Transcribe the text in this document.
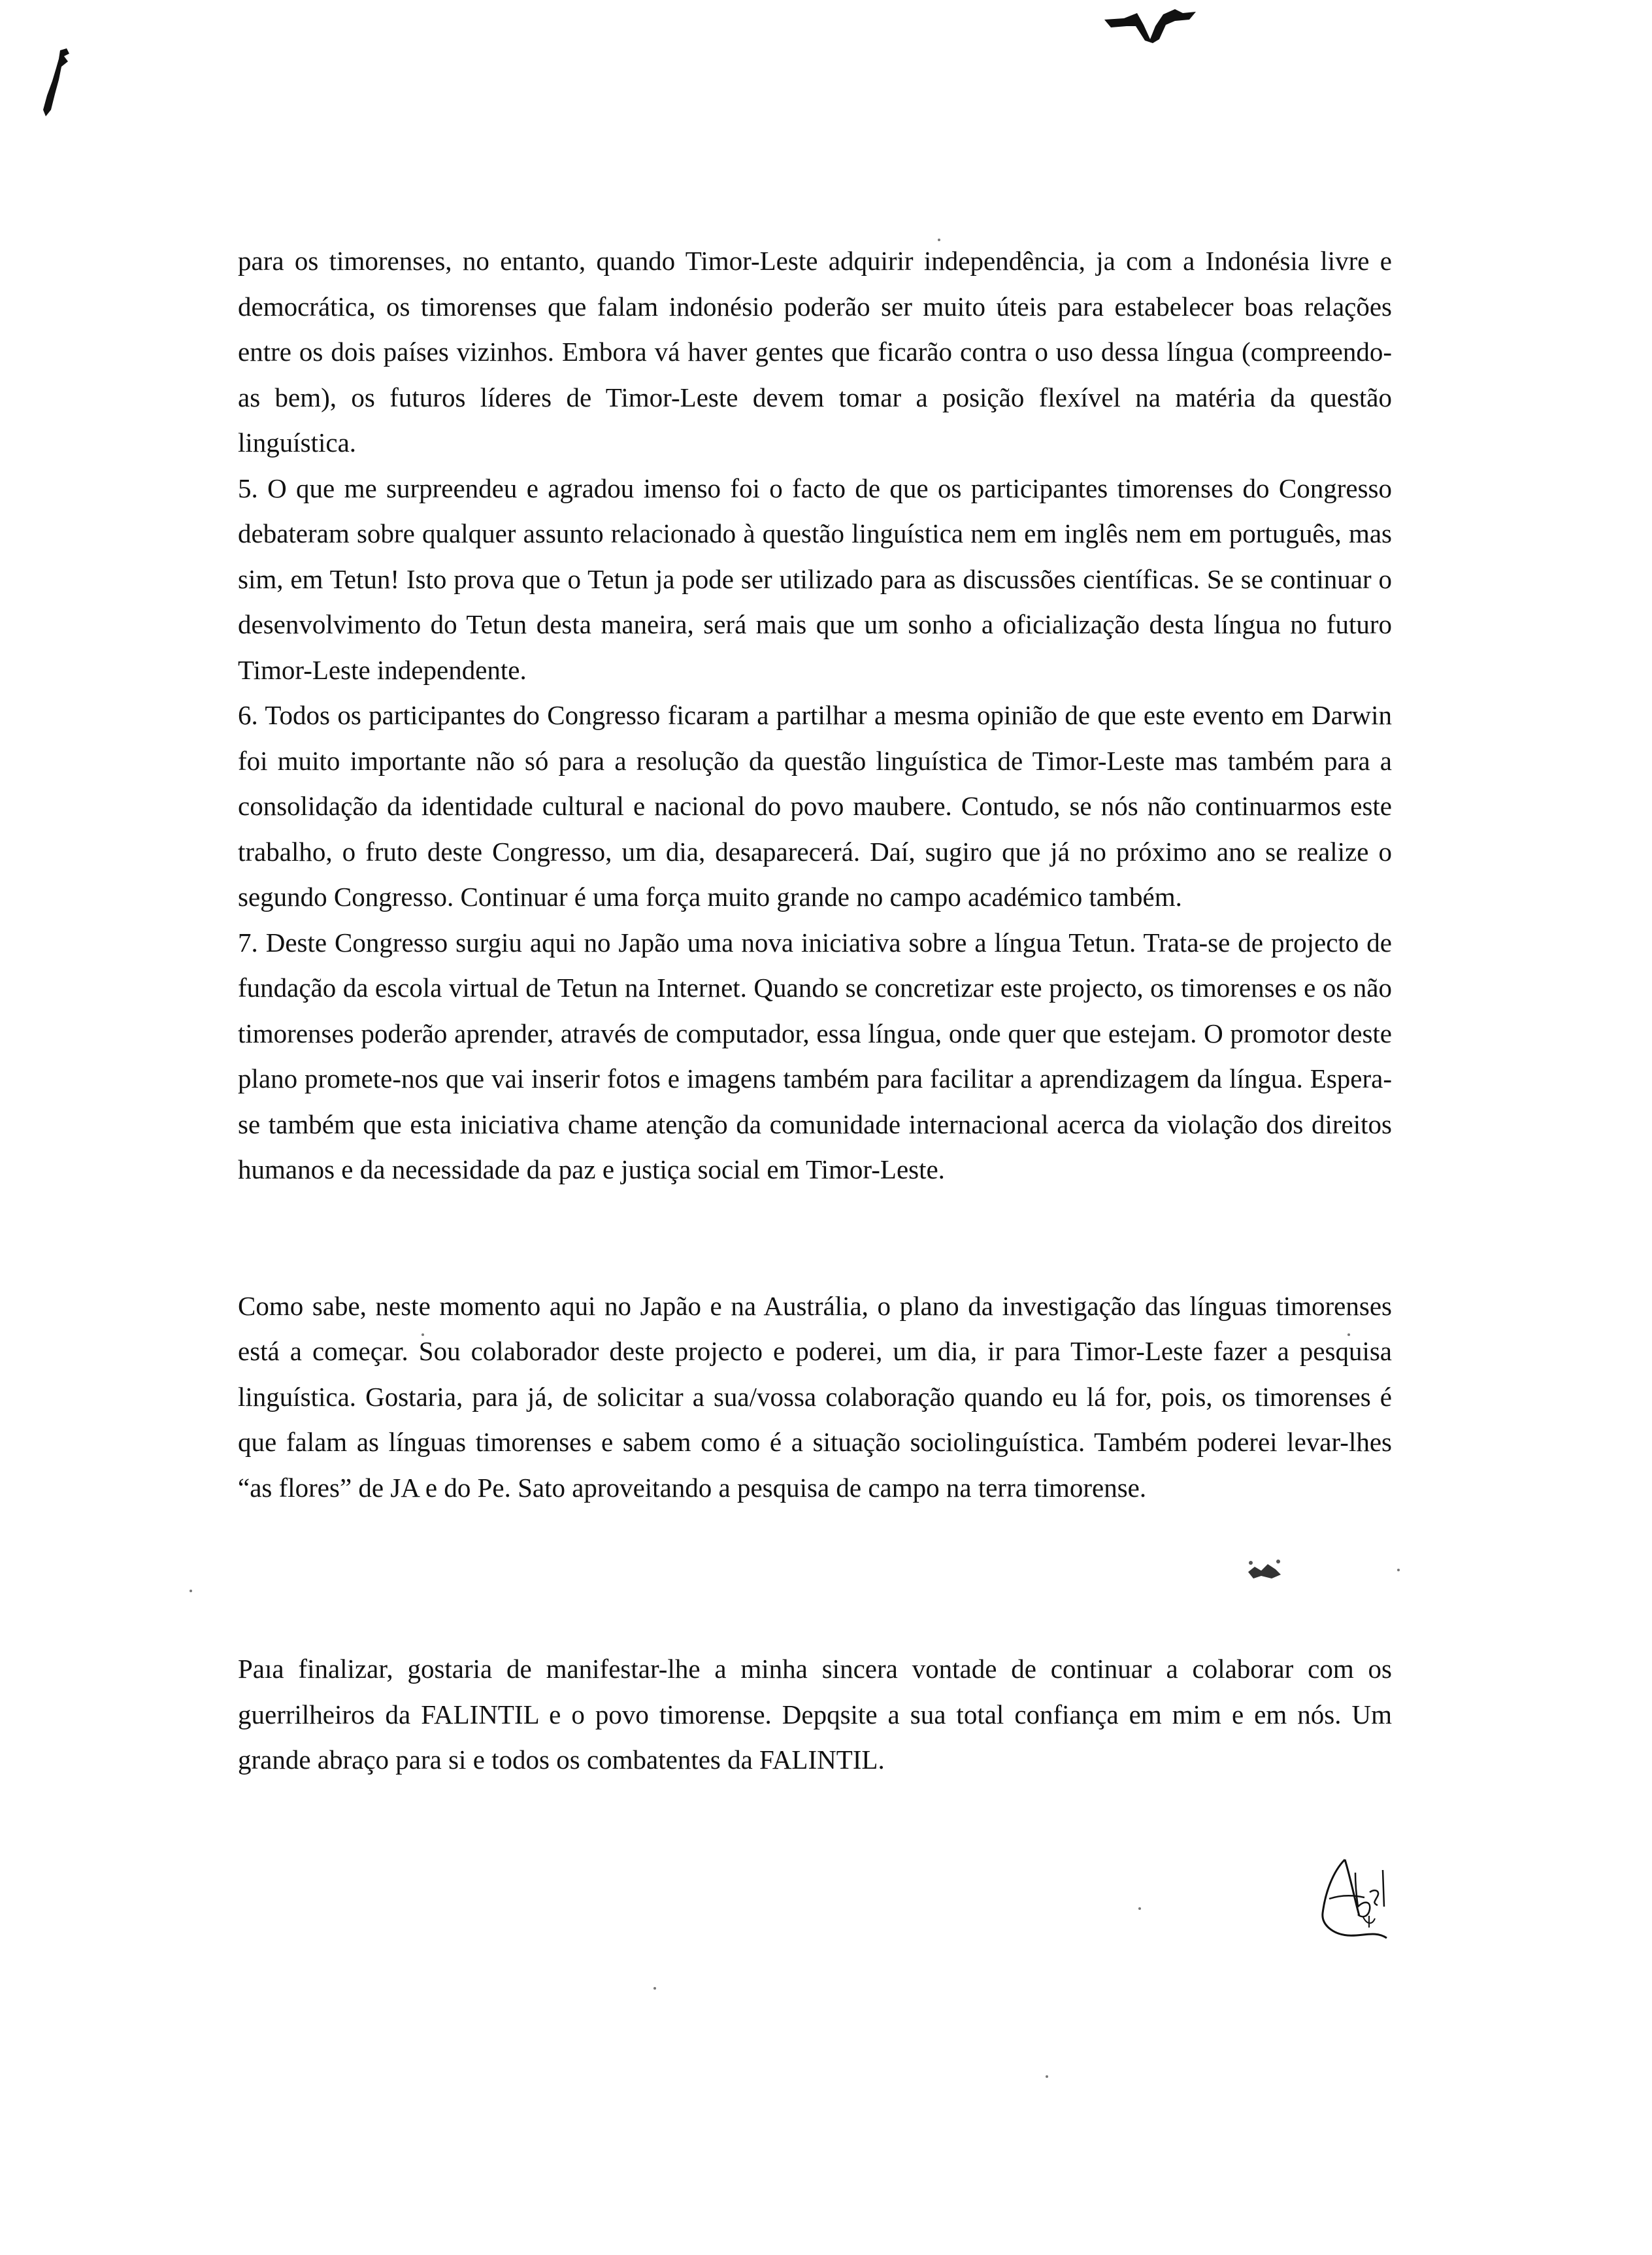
para os timorenses, no entanto, quando Timor-Leste adquirir independência, ja com a Indonésia livre e democrática, os timorenses que falam indonésio poderão ser muito úteis para estabelecer boas relações entre os dois países vizinhos. Embora vá haver gentes que ficarão contra o uso dessa língua (compreendo-as bem), os futuros líderes de Timor-Leste devem tomar a posição flexível na matéria da questão linguística.

5. O que me surpreendeu e agradou imenso foi o facto de que os participantes timorenses do Congresso debateram sobre qualquer assunto relacionado à questão linguística nem em inglês nem em português, mas sim, em Tetun! Isto prova que o Tetun ja pode ser utilizado para as discussões científicas. Se se continuar o desenvolvimento do Tetun desta maneira, será mais que um sonho a oficialização desta língua no futuro Timor-Leste independente.

6. Todos os participantes do Congresso ficaram a partilhar a mesma opinião de que este evento em Darwin foi muito importante não só para a resolução da questão linguística de Timor-Leste mas também para a consolidação da identidade cultural e nacional do povo maubere. Contudo, se nós não continuarmos este trabalho, o fruto deste Congresso, um dia, desaparecerá. Daí, sugiro que já no próximo ano se realize o segundo Congresso. Continuar é uma força muito grande no campo académico também.

7. Deste Congresso surgiu aqui no Japão uma nova iniciativa sobre a língua Tetun. Trata-se de projecto de fundação da escola virtual de Tetun na Internet. Quando se concretizar este projecto, os timorenses e os não timorenses poderão aprender, através de computador, essa língua, onde quer que estejam. O promotor deste plano promete-nos que vai inserir fotos e imagens também para facilitar a aprendizagem da língua. Espera-se também que esta iniciativa chame atenção da comunidade internacional acerca da violação dos direitos humanos e da necessidade da paz e justiça social em Timor-Leste.

Como sabe, neste momento aqui no Japão e na Austrália, o plano da investigação das línguas timorenses está a começar. Sou colaborador deste projecto e poderei, um dia, ir para Timor-Leste fazer a pesquisa linguística. Gostaria, para já, de solicitar a sua/vossa colaboração quando eu lá for, pois, os timorenses é que falam as línguas timorenses e sabem como é a situação sociolinguística. Também poderei levar-lhes “as flores” de JA e do Pe. Sato aproveitando a pesquisa de campo na terra timorense.

Paıa finalizar, gostaria de manifestar-lhe a minha sincera vontade de continuar a colaborar com os guerrilheiros da FALINTIL e o povo timorense. Depqsite a sua total confiança em mim e em nós. Um grande abraço para si e todos os combatentes da FALINTIL.

Abel
